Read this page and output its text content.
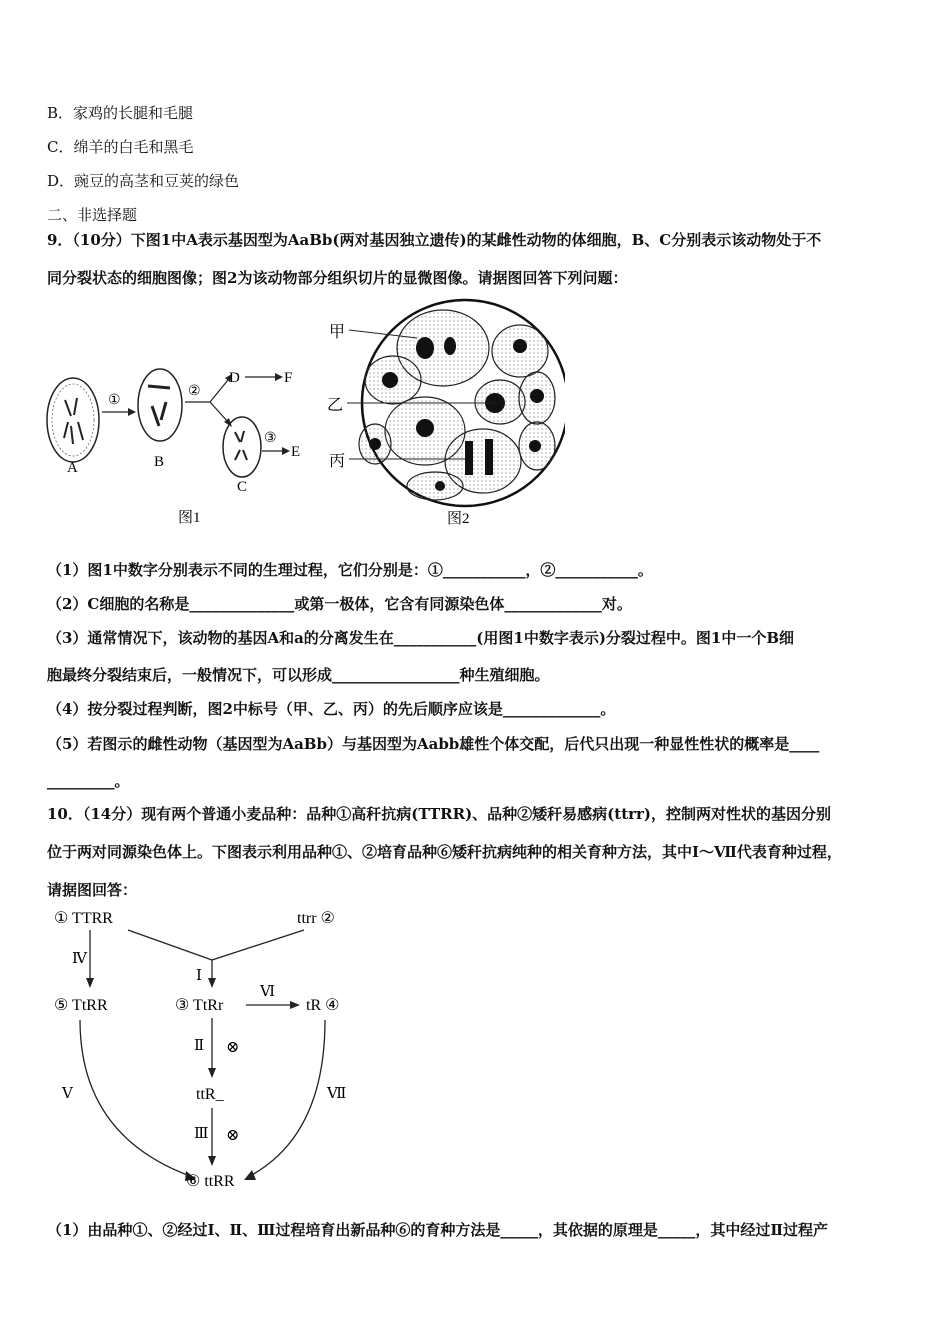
B．家鸡的长腿和毛腿
C．绵羊的白毛和黑毛
D．豌豆的高茎和豆荚的绿色
二、非选择题
9．（10分）下图1中A表示基因型为AaBb(两对基因独立遗传)的某雌性动物的体细胞，B、C分别表示该动物处于不
同分裂状态的细胞图像；图2为该动物部分组织切片的显微图像。请据图回答下列问题：
A
①
B
②
D	F
C
③
E
图1
甲
乙
丙
图2
（1）图1中数字分别表示不同的生理过程，它们分别是：①___________，②___________。
（2）C细胞的名称是______________或第一极体，它含有同源染色体_____________对。
（3）通常情况下，该动物的基因A和a的分离发生在___________(用图1中数字表示)分裂过程中。图1中一个B细
胞最终分裂结束后，一般情况下，可以形成_________________种生殖细胞。
（4）按分裂过程判断，图2中标号（甲、乙、丙）的先后顺序应该是_____________。
（5）若图示的雌性动物（基因型为AaBb）与基因型为Aabb雄性个体交配，后代只出现一种显性性状的概率是____
_________。
10．（14分）现有两个普通小麦品种：品种①高秆抗病(TTRR)、品种②矮秆易感病(ttrr)，控制两对性状的基因分别
位于两对同源染色体上。下图表示利用品种①、②培育品种⑥矮秆抗病纯种的相关育种方法，其中Ⅰ～Ⅶ代表育种过程，
请据图回答：
① TTRR	ttrr ②
Ⅰ
Ⅳ
⑤ TtRR	③ TtRr
Ⅵ
tR ④
Ⅱ ⊗
ttR_
Ⅲ ⊗
Ⅴ	Ⅶ
⑥ ttRR
（1）由品种①、②经过Ⅰ、Ⅱ、Ⅲ过程培育出新品种⑥的育种方法是_____，其依据的原理是_____，其中经过Ⅱ过程产
